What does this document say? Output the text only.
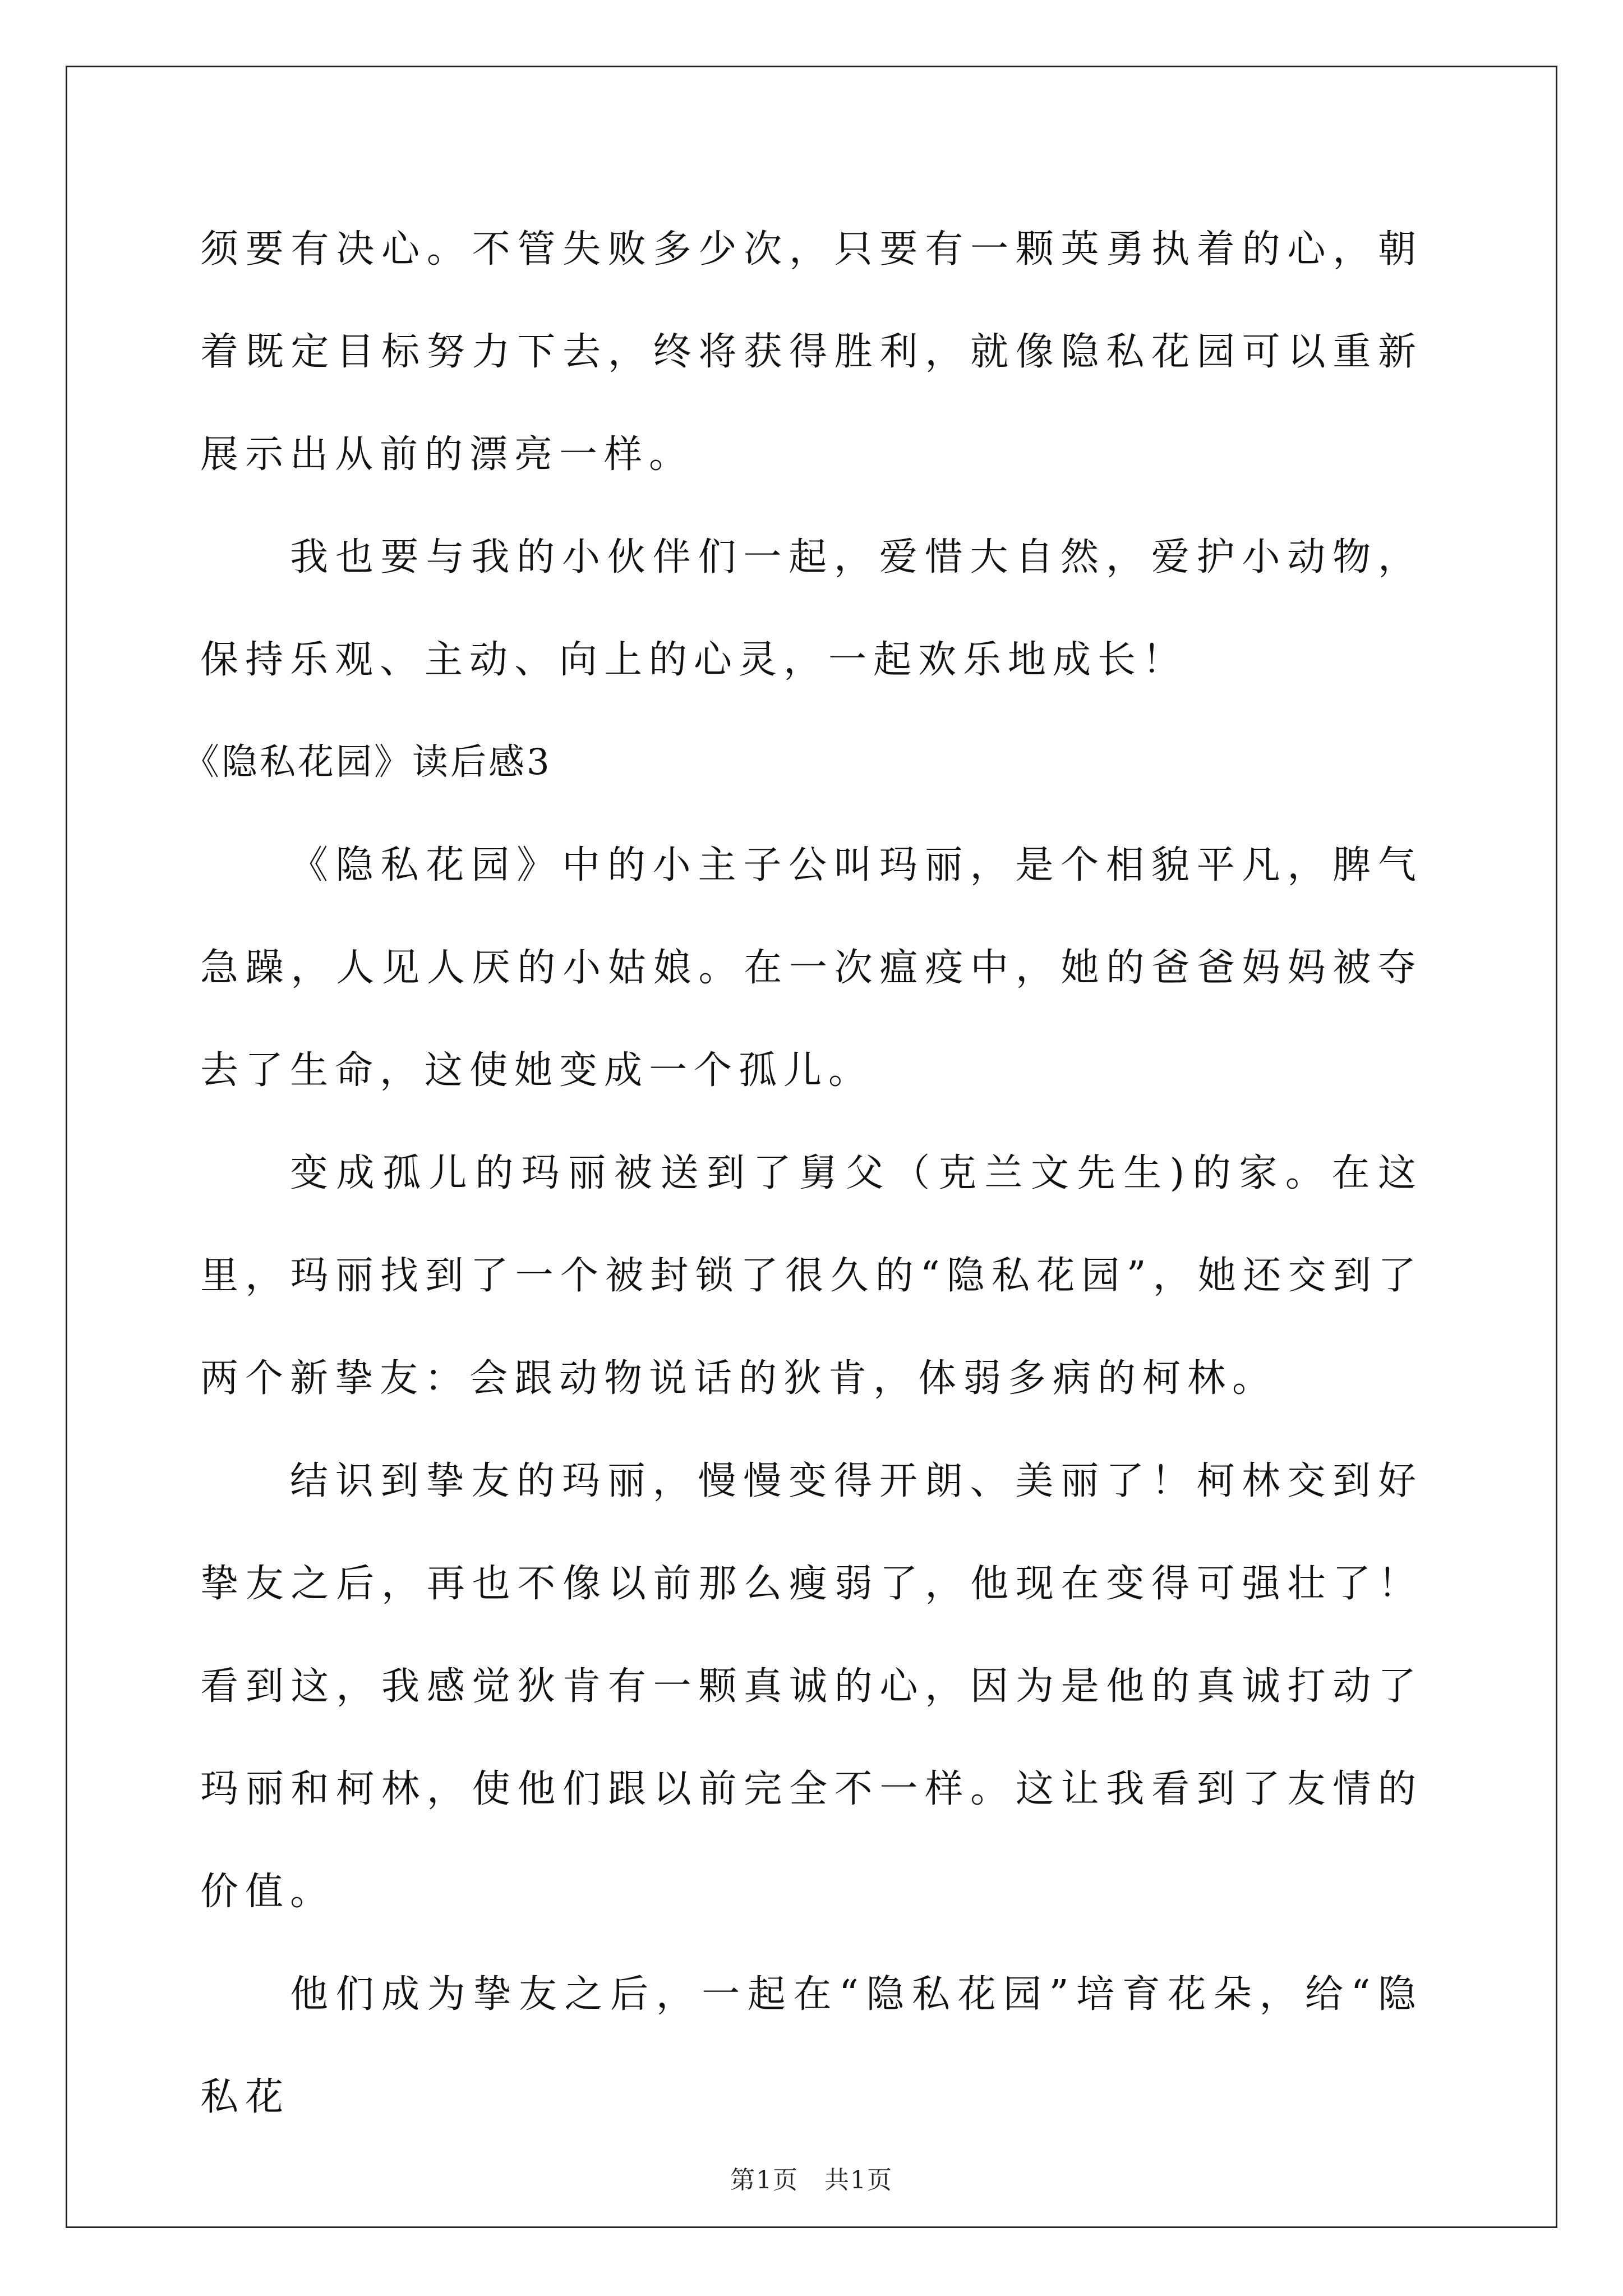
须要有决心。不管失败多少次，只要有一颗英勇执着的心，朝着既定目标努力下去，终将获得胜利，就像隐私花园可以重新展示出从前的漂亮一样。

我也要与我的小伙伴们一起，爱惜大自然，爱护小动物，保持乐观、主动、向上的心灵，一起欢乐地成长！

《隐私花园》读后感3

《隐私花园》中的小主子公叫玛丽，是个相貌平凡，脾气急躁，人见人厌的小姑娘。在一次瘟疫中，她的爸爸妈妈被夺去了生命，这使她变成一个孤儿。

变成孤儿的玛丽被送到了舅父（克兰文先生)的家。在这里，玛丽找到了一个被封锁了很久的“隐私花园”，她还交到了两个新挚友：会跟动物说话的狄肯，体弱多病的柯林。

结识到挚友的玛丽，慢慢变得开朗、美丽了！柯林交到好挚友之后，再也不像以前那么瘦弱了，他现在变得可强壮了！看到这，我感觉狄肯有一颗真诚的心，因为是他的真诚打动了玛丽和柯林，使他们跟以前完全不一样。这让我看到了友情的价值。

他们成为挚友之后，一起在“隐私花园”培育花朵，给“隐私花

第1页　共1页
